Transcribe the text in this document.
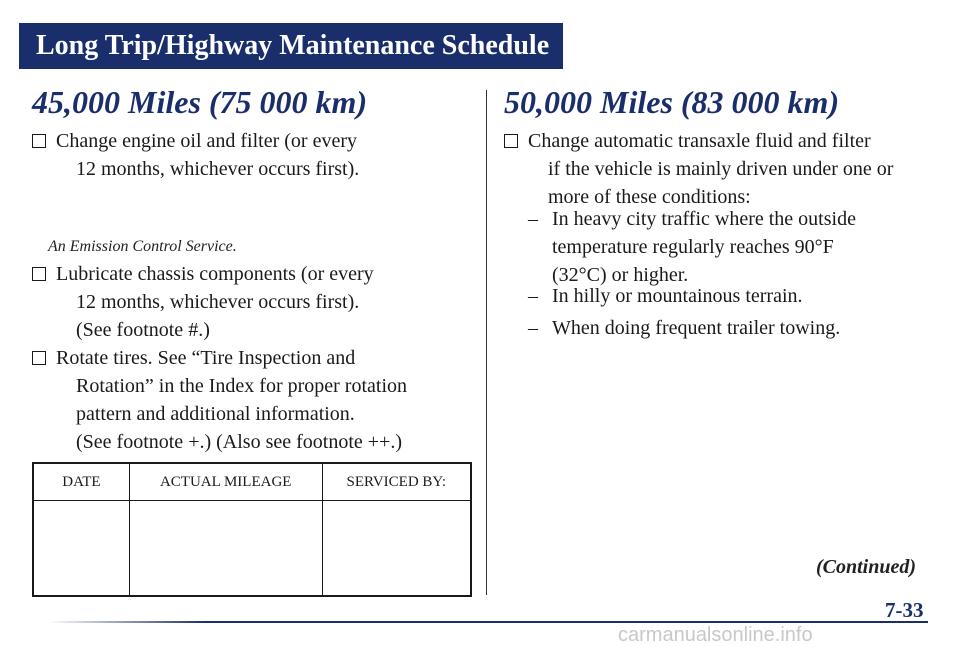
Long Trip/Highway Maintenance Schedule
45,000 Miles (75 000 km)	50,000 Miles (83 000 km)
Change engine oil and filter (or every
12 months, whichever occurs first).
An Emission Control Service.
Lubricate chassis components (or every
12 months, whichever occurs first).
(See footnote #.)
Rotate tires. See “Tire Inspection and
Rotation” in the Index for proper rotation
pattern and additional information.
(See footnote +.) (Also see footnote ++.)
DATE	ACTUAL MILEAGE	SERVICED BY:

Change automatic transaxle fluid and filter
if the vehicle is mainly driven under one or
more of these conditions:
– In heavy city traffic where the outside
temperature regularly reaches 90°F
(32°C) or higher.
– In hilly or mountainous terrain.
– When doing frequent trailer towing.

(Continued)

7-33

carmanualsonline.info
